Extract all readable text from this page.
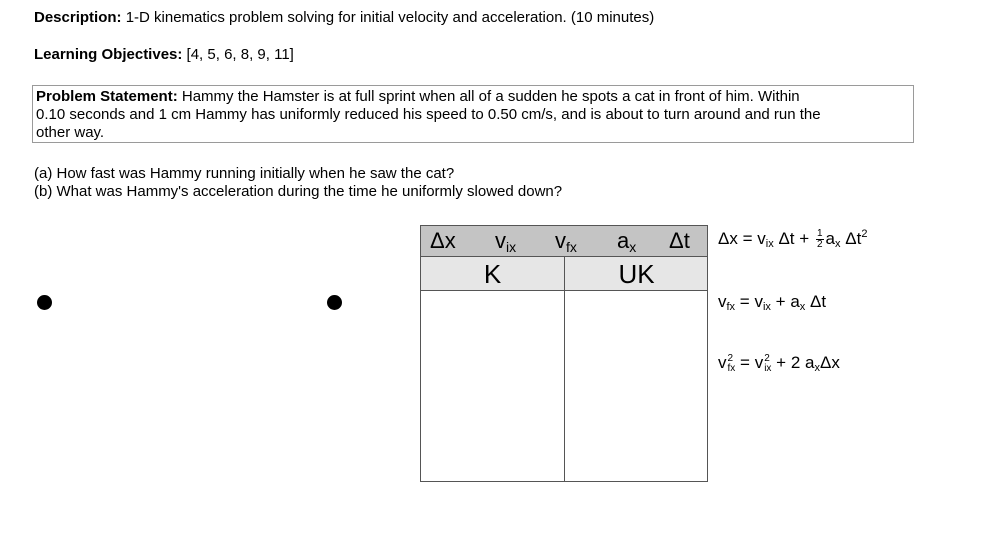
Description: 1-D kinematics problem solving for initial velocity and acceleration. (10 minutes)
Learning Objectives: [4, 5, 6, 8, 9, 11]
Problem Statement: Hammy the Hamster is at full sprint when all of a sudden he spots a cat in front of him. Within
0.10 seconds and 1 cm Hammy has uniformly reduced his speed to 0.50 cm/s, and is about to turn around and run the
other way.
(a) How fast was Hammy running initially when he saw the cat?
(b) What was Hammy's acceleration during the time he uniformly slowed down?
Δx $v_{ix}$ $v_{fx}$ $a_x$ Δt
K	UK
$\Delta x = v_{ix}$ $\Delta t + \frac{1}{2} a_x$ $\Delta t^2$
$v_{fx} = v_{ix} + a_x$ Δt
v 2
fx = v 2
ix + 2 $a_x\Delta x$
